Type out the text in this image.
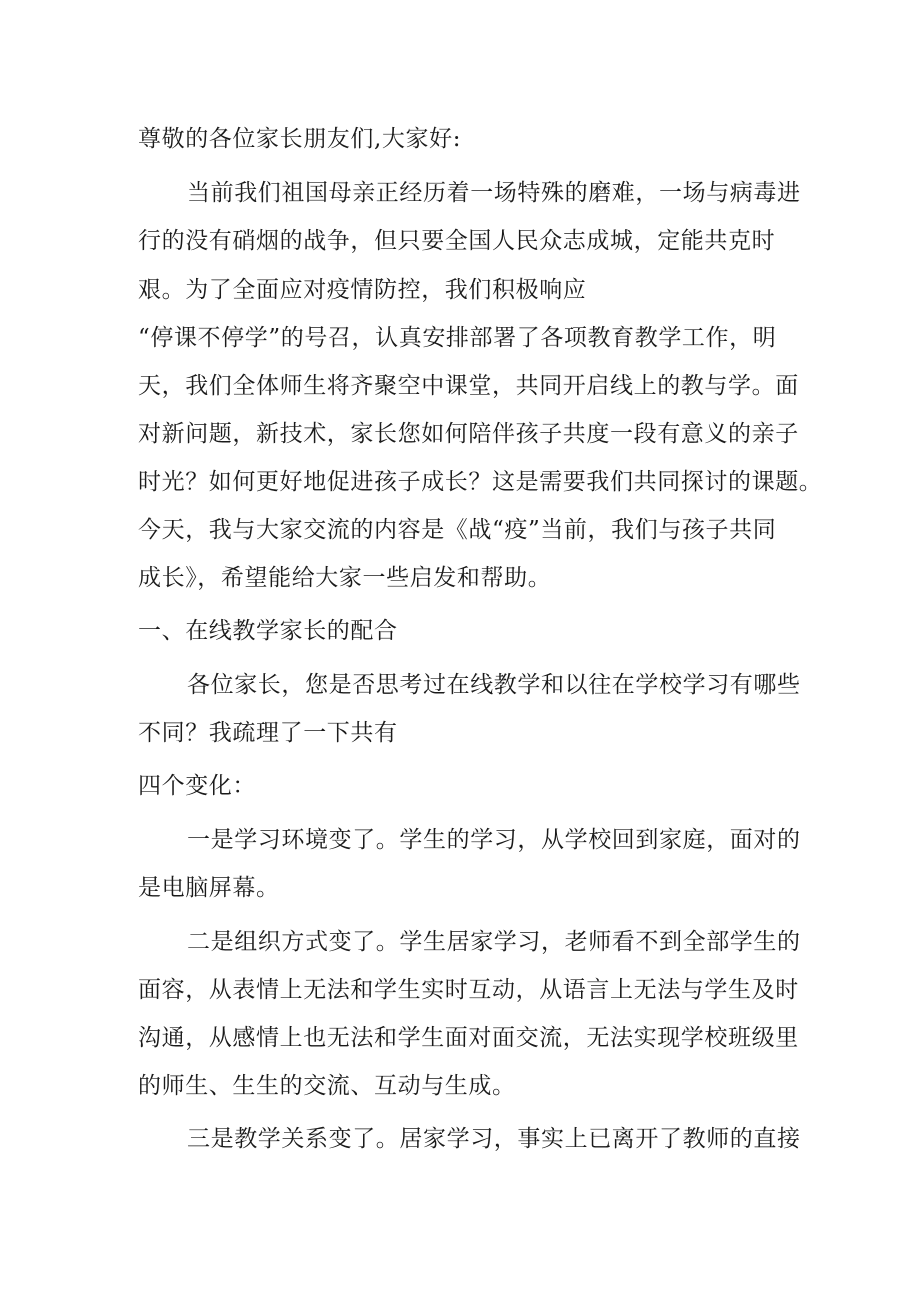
尊敬的各位家长朋友们,大家好:
当前我们祖国母亲正经历着一场特殊的磨难，一场与病毒进
行的没有硝烟的战争，但只要全国人民众志成城，定能共克时
艰。为了全面应对疫情防控，我们积极响应
“停课不停学”的号召，认真安排部署了各项教育教学工作，明
天，我们全体师生将齐聚空中课堂，共同开启线上的教与学。面
对新问题，新技术，家长您如何陪伴孩子共度一段有意义的亲子
时光？如何更好地促进孩子成长？这是需要我们共同探讨的课题。
今天，我与大家交流的内容是《战“疫”当前，我们与孩子共同
成长》，希望能给大家一些启发和帮助。
一、在线教学家长的配合
各位家长，您是否思考过在线教学和以往在学校学习有哪些
不同？我疏理了一下共有
四个变化：
一是学习环境变了。学生的学习，从学校回到家庭，面对的
是电脑屏幕。
二是组织方式变了。学生居家学习，老师看不到全部学生的
面容，从表情上无法和学生实时互动，从语言上无法与学生及时
沟通，从感情上也无法和学生面对面交流，无法实现学校班级里
的师生、生生的交流、互动与生成。
三是教学关系变了。居家学习，事实上已离开了教师的直接
